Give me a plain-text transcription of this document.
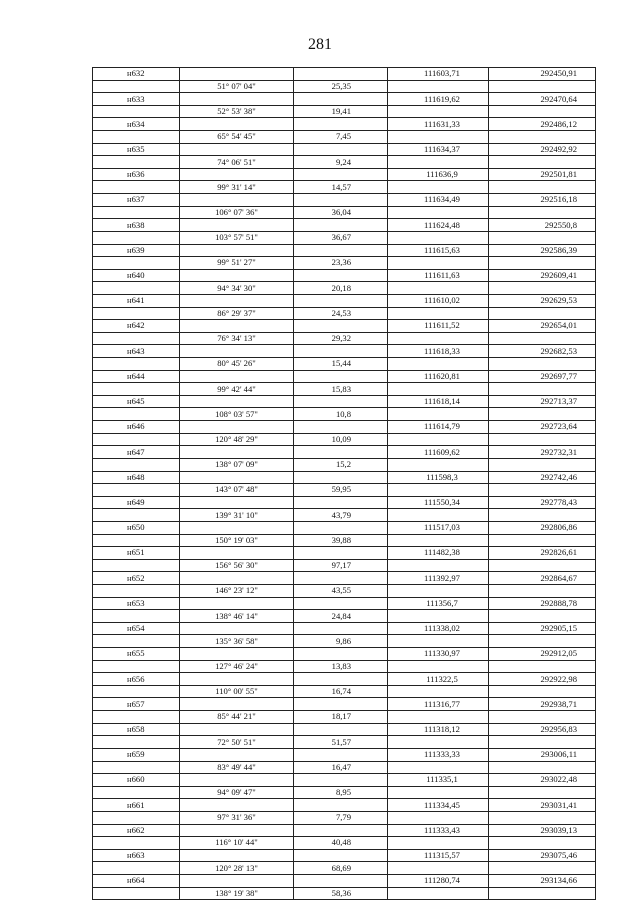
281
н632			111603,71	292450,91
	51° 07' 04"	25,35		
н633			111619,62	292470,64
	52° 53' 38"	19,41		
н634			111631,33	292486,12
	65° 54' 45"	7,45		
н635			111634,37	292492,92
	74° 06' 51"	9,24		
н636			111636,9	292501,81
	99° 31' 14"	14,57		
н637			111634,49	292516,18
	106° 07' 36"	36,04		
н638			111624,48	292550,8
	103° 57' 51"	36,67		
н639			111615,63	292586,39
	99° 51' 27"	23,36		
н640			111611,63	292609,41
	94° 34' 30"	20,18		
н641			111610,02	292629,53
	86° 29' 37"	24,53		
н642			111611,52	292654,01
	76° 34' 13"	29,32		
н643			111618,33	292682,53
	80° 45' 26"	15,44		
н644			111620,81	292697,77
	99° 42' 44"	15,83		
н645			111618,14	292713,37
	108° 03' 57"	10,8		
н646			111614,79	292723,64
	120° 48' 29"	10,09		
н647			111609,62	292732,31
	138° 07' 09"	15,2		
н648			111598,3	292742,46
	143° 07' 48"	59,95		
н649			111550,34	292778,43
	139° 31' 10"	43,79		
н650			111517,03	292806,86
	150° 19' 03"	39,88		
н651			111482,38	292826,61
	156° 56' 30"	97,17		
н652			111392,97	292864,67
	146° 23' 12"	43,55		
н653			111356,7	292888,78
	138° 46' 14"	24,84		
н654			111338,02	292905,15
	135° 36' 58"	9,86		
н655			111330,97	292912,05
	127° 46' 24"	13,83		
н656			111322,5	292922,98
	110° 00' 55"	16,74		
н657			111316,77	292938,71
	85° 44' 21"	18,17		
н658			111318,12	292956,83
	72° 50' 51"	51,57		
н659			111333,33	293006,11
	83° 49' 44"	16,47		
н660			111335,1	293022,48
	94° 09' 47"	8,95		
н661			111334,45	293031,41
	97° 31' 36"	7,79		
н662			111333,43	293039,13
	116° 10' 44"	40,48		
н663			111315,57	293075,46
	120° 28' 13"	68,69		
н664			111280,74	293134,66
	138° 19' 38"	58,36		
